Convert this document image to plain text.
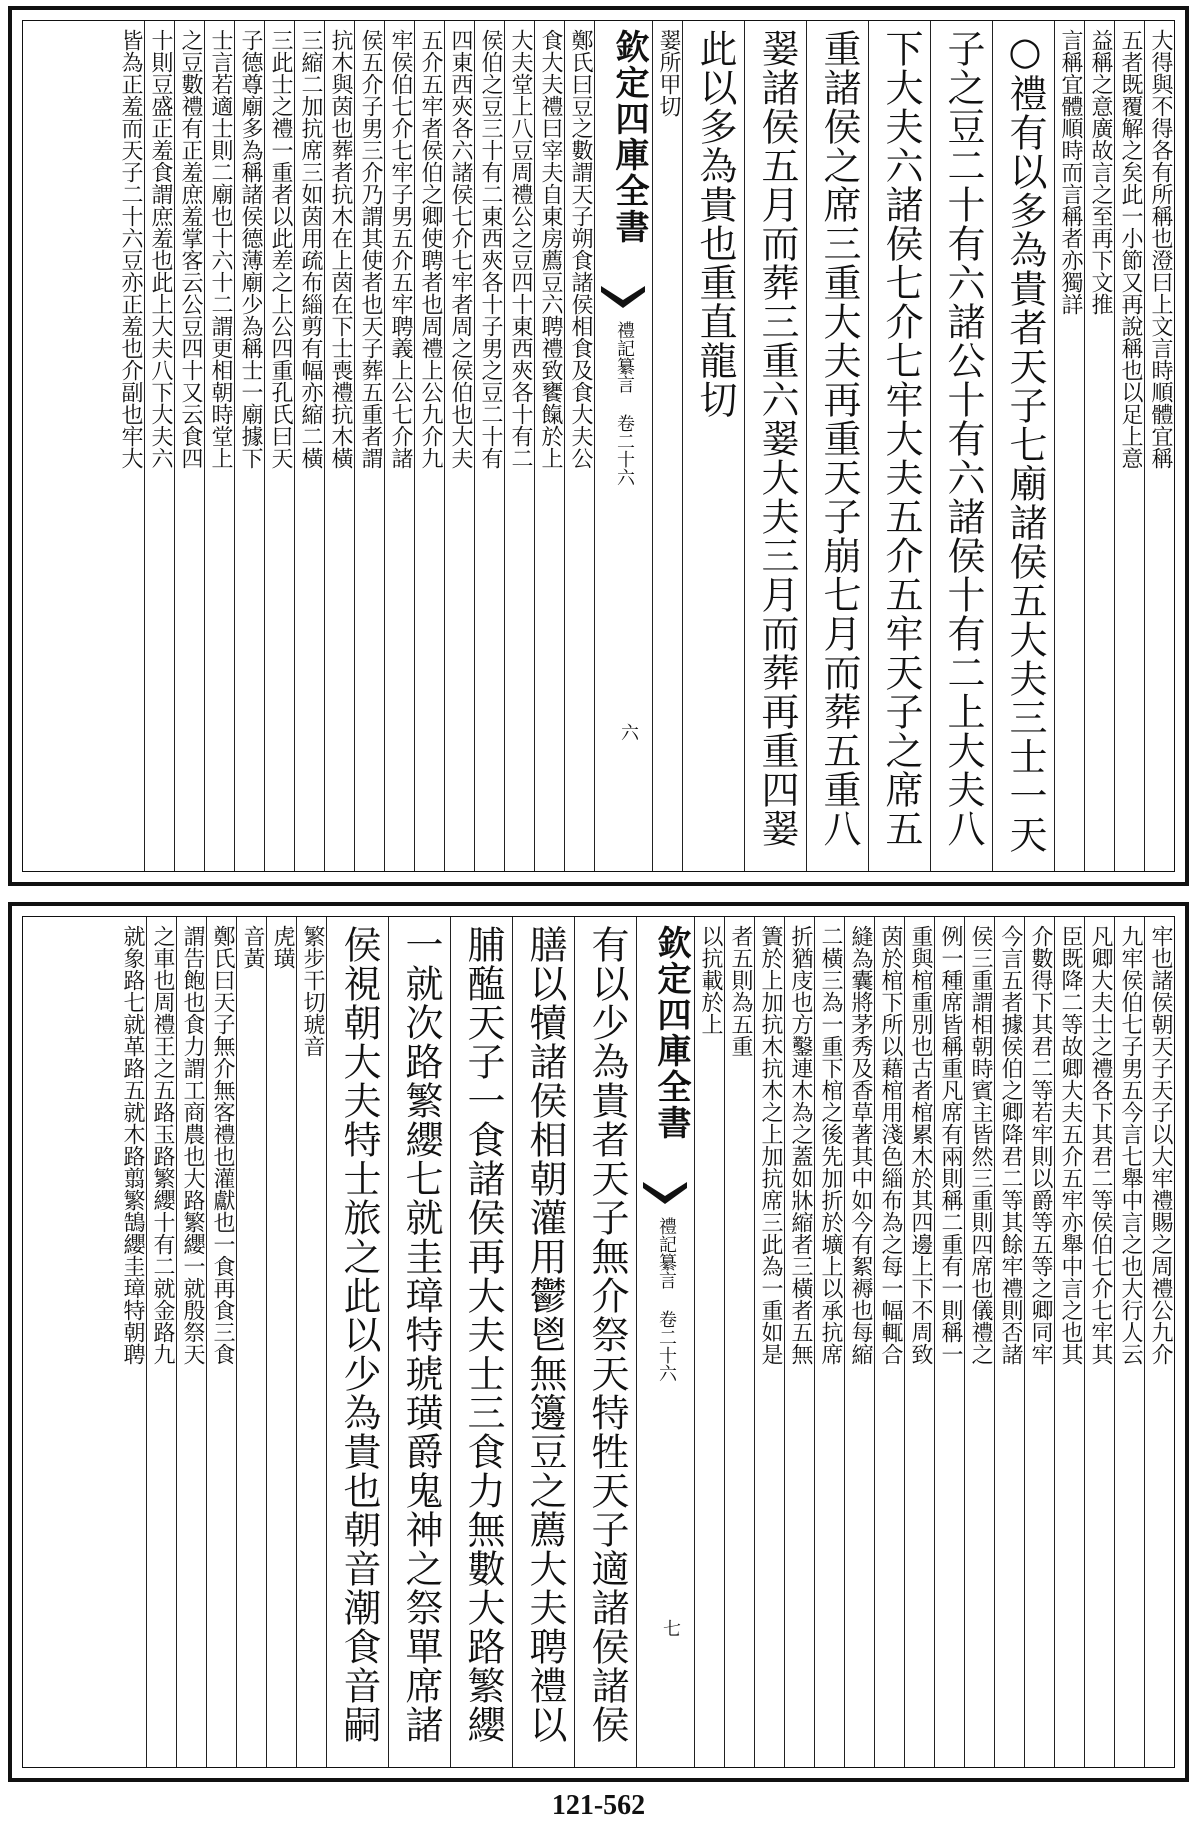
大得與不得各有所稱也澄曰上文言時順體宜稱
五者既覆解之矣此一小節又再說稱也以足上意
益稱之意廣故言之至再下文推
言稱宜體順時而言稱者亦獨詳
○禮有以多為貴者天子七廟諸侯五大夫三士一天
子之豆二十有六諸公十有六諸侯十有二上大夫八
下大夫六諸侯七介七牢大夫五介五牢天子之席五
重諸侯之席三重大夫再重天子崩七月而葬五重八
翣諸侯五月而葬三重六翣大夫三月而葬再重四翣
此以多為貴也重直龍切
翣所甲切
欽定四庫全書
禮記纂言 卷二十六
六
鄭氏曰豆之數謂天子朔食諸侯相食及食大夫公
食大夫禮曰宰夫自東房薦豆六聘禮致饔餼於上
大夫堂上八豆周禮公之豆四十東西夾各十有二
侯伯之豆三十有二東西夾各十子男之豆二十有
四東西夾各六諸侯七介七牢者周之侯伯也大夫
五介五牢者侯伯之卿使聘者也周禮上公九介九
牢侯伯七介七牢子男五介五牢聘義上公七介諸
侯五介子男三介乃謂其使者也天子葬五重者謂
抗木與茵也葬者抗木在上茵在下士喪禮抗木橫
三縮二加抗席三如茵用疏布緇剪有幅亦縮二橫
三此士之禮一重者以此差之上公四重孔氏曰天
子德尊廟多為稱諸侯德薄廟少為稱士一廟據下
士言若適士則二廟也十六十二謂更相朝時堂上
之豆數禮有正羞庶羞掌客云公豆四十又云食四
十則豆盛正羞食謂庶羞也此上大夫八下大夫六
皆為正羞而天子二十六豆亦正羞也介副也牢大
牢也諸侯朝天子天子以大牢禮賜之周禮公九介
九牢侯伯七子男五今言七舉中言之也大行人云
凡卿大夫士之禮各下其君二等侯伯七介七牢其
臣既降二等故卿大夫五介五牢亦舉中言之也其
介數得下其君二等若牢則以爵等五等之卿同牢
今言五者據侯伯之卿降君二等其餘牢禮則否諸
侯三重謂相朝時賓主皆然三重則四席也儀禮之
例一種席皆稱重凡席有兩則稱二重有一則稱一
重與棺重別也古者棺累木於其四邊上下不周致
茵於棺下所以藉棺用淺色緇布為之每一幅輒合
縫為囊將茅秀及香草著其中如今有絮褥也每縮
二橫三為一重下棺之後先加折於壙上以承抗席
折猶庋也方鑿連木為之蓋如牀縮者三橫者五無
簀於上加抗木抗木之上加抗席三此為一重如是
者五則為五重
以抗載於上
欽定四庫全書
禮記纂言 卷二十六
七
有以少為貴者天子無介祭天特牲天子適諸侯諸侯
膳以犢諸侯相朝灌用鬱鬯無籩豆之薦大夫聘禮以
脯醢天子一食諸侯再大夫士三食力無數大路繁纓
一就次路繁纓七就圭璋特琥璜爵鬼神之祭單席諸
侯視朝大夫特士旅之此以少為貴也朝音潮食音嗣
繁步干切琥音
虎璜
音黃
鄭氏曰天子無介無客禮也灌獻也一食再食三食
謂告飽也食力謂工商農也大路繁纓一就殷祭天
之車也周禮王之五路玉路繁纓十有二就金路九
就象路七就革路五就木路翦繁鵠纓圭璋特朝聘
121-562
